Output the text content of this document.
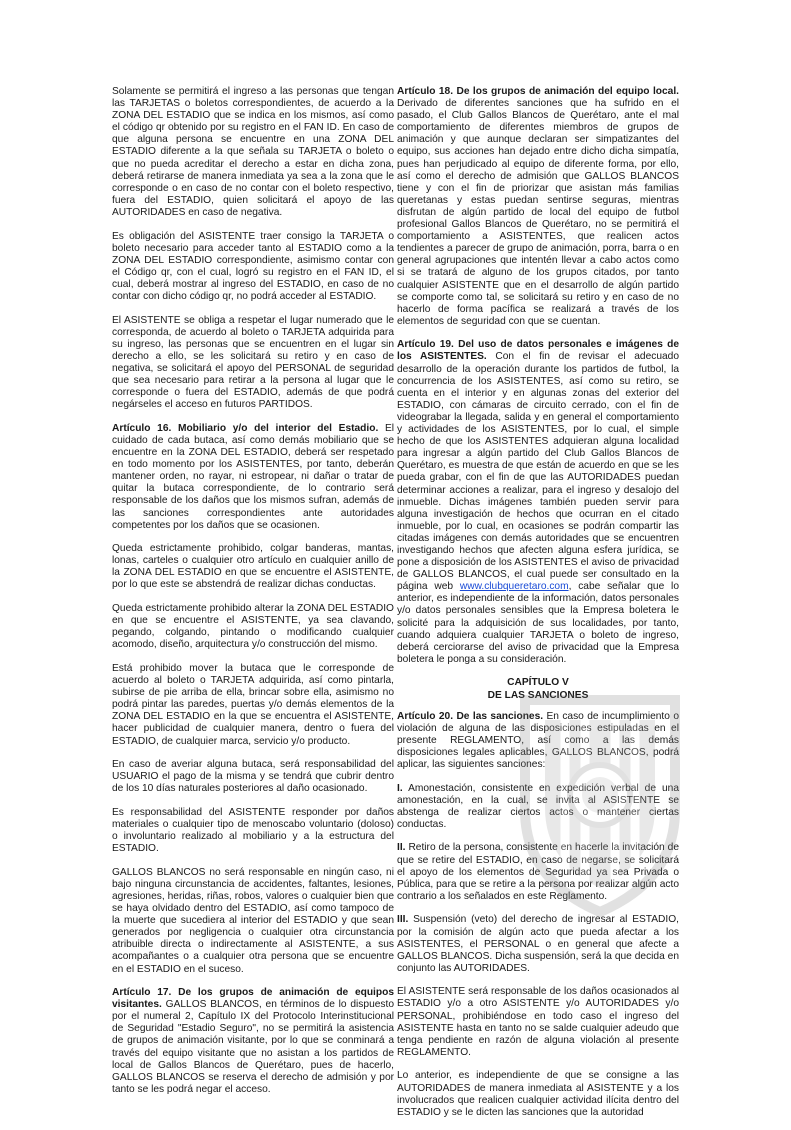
Solamente se permitirá el ingreso a las personas que tengan las TARJETAS o boletos correspondientes, de acuerdo a la ZONA DEL ESTADIO que se indica en los mismos, así como el código qr obtenido por su registro en el FAN ID. En caso de que alguna persona se encuentre en una ZONA DEL ESTADIO diferente a la que señala su TARJETA o boleto o que no pueda acreditar el derecho a estar en dicha zona, deberá retirarse de manera inmediata ya sea a la zona que le corresponde o en caso de no contar con el boleto respectivo, fuera del ESTADIO, quien solicitará el apoyo de las AUTORIDADES en caso de negativa.

Es obligación del ASISTENTE traer consigo la TARJETA o boleto necesario para acceder tanto al ESTADIO como a la ZONA DEL ESTADIO correspondiente, asimismo contar con el Código qr, con el cual, logró su registro en el FAN ID, el cual, deberá mostrar al ingreso del ESTADIO, en caso de no contar con dicho código qr, no podrá acceder al ESTADIO.

El ASISTENTE se obliga a respetar el lugar numerado que le corresponda, de acuerdo al boleto o TARJETA adquirida para su ingreso, las personas que se encuentren en el lugar sin derecho a ello, se les solicitará su retiro y en caso de negativa, se solicitará el apoyo del PERSONAL de seguridad que sea necesario para retirar a la persona al lugar que le corresponde o fuera del ESTADIO, además de que podrá negárseles el acceso en futuros PARTIDOS.

Artículo 16. Mobiliario y/o del interior del Estadio. El cuidado de cada butaca, así como demás mobiliario que se encuentre en la ZONA DEL ESTADIO, deberá ser respetado en todo momento por los ASISTENTES, por tanto, deberán mantener orden, no rayar, ni estropear, ni dañar o tratar de quitar la butaca correspondiente, de lo contrario será responsable de los daños que los mismos sufran, además de las sanciones correspondientes ante autoridades competentes por los daños que se ocasionen.

Queda estrictamente prohibido, colgar banderas, mantas, lonas, carteles o cualquier otro artículo en cualquier anillo de la ZONA DEL ESTADIO en que se encuentre el ASISTENTE, por lo que este se abstendrá de realizar dichas conductas.

Queda estrictamente prohibido alterar la ZONA DEL ESTADIO en que se encuentre el ASISTENTE, ya sea clavando, pegando, colgando, pintando o modificando cualquier acomodo, diseño, arquitectura y/o construcción del mismo.

Está prohibido mover la butaca que le corresponde de acuerdo al boleto o TARJETA adquirida, así como pintarla, subirse de pie arriba de ella, brincar sobre ella, asimismo no podrá pintar las paredes, puertas y/o demás elementos de la ZONA DEL ESTADIO en la que se encuentra el ASISTENTE, hacer publicidad de cualquier manera, dentro o fuera del ESTADIO, de cualquier marca, servicio y/o producto.

En caso de averiar alguna butaca, será responsabilidad del USUARIO el pago de la misma y se tendrá que cubrir dentro de los 10 días naturales posteriores al daño ocasionado.

Es responsabilidad del ASISTENTE responder por daños materiales o cualquier tipo de menoscabo voluntario (doloso) o involuntario realizado al mobiliario y a la estructura del ESTADIO.

GALLOS BLANCOS no será responsable en ningún caso, ni bajo ninguna circunstancia de accidentes, faltantes, lesiones, agresiones, heridas, riñas, robos, valores o cualquier bien que se haya olvidado dentro del ESTADIO, así como tampoco de la muerte que sucediera al interior del ESTADIO y que sean generados por negligencia o cualquier otra circunstancia atribuible directa o indirectamente al ASISTENTE, a sus acompañantes o a cualquier otra persona que se encuentre en el ESTADIO en el suceso.

Artículo 17. De los grupos de animación de equipos visitantes. GALLOS BLANCOS, en términos de lo dispuesto por el numeral 2, Capítulo IX del Protocolo Interinstitucional de Seguridad "Estadio Seguro", no se permitirá la asistencia de grupos de animación visitante, por lo que se conminará a través del equipo visitante que no asistan a los partidos de local de Gallos Blancos de Querétaro, pues de hacerlo, GALLOS BLANCOS se reserva el derecho de admisión y por tanto se les podrá negar el acceso.

Artículo 18. De los grupos de animación del equipo local. Derivado de diferentes sanciones que ha sufrido en el pasado, el Club Gallos Blancos de Querétaro, ante el mal comportamiento de diferentes miembros de grupos de animación y que aunque declaran ser simpatizantes del equipo, sus acciones han dejado entre dicho dicha simpatía, pues han perjudicado al equipo de diferente forma, por ello, así como el derecho de admisión que GALLOS BLANCOS tiene y con el fin de priorizar que asistan más familias queretanas y estas puedan sentirse seguras, mientras disfrutan de algún partido de local del equipo de futbol profesional Gallos Blancos de Querétaro, no se permitirá el comportamiento a ASISTENTES, que realicen actos tendientes a parecer de grupo de animación, porra, barra o en general agrupaciones que intentén llevar a cabo actos como si se tratará de alguno de los grupos citados, por tanto cualquier ASISTENTE que en el desarrollo de algún partido se comporte como tal, se solicitará su retiro y en caso de no hacerlo de forma pacífica se realizará a través de los elementos de seguridad con que se cuentan.

Artículo 19. Del uso de datos personales e imágenes de los ASISTENTES. Con el fin de revisar el adecuado desarrollo de la operación durante los partidos de futbol, la concurrencia de los ASISTENTES, así como su retiro, se cuenta en el interior y en algunas zonas del exterior del ESTADIO, con cámaras de circuito cerrado, con el fin de videograbar la llegada, salida y en general el comportamiento y actividades de los ASISTENTES, por lo cual, el simple hecho de que los ASISTENTES adquieran alguna localidad para ingresar a algún partido del Club Gallos Blancos de Querétaro, es muestra de que están de acuerdo en que se les pueda grabar, con el fin de que las AUTORIDADES puedan determinar acciones a realizar, para el ingreso y desalojo del inmueble. Dichas imágenes también pueden servir para alguna investigación de hechos que ocurran en el citado inmueble, por lo cual, en ocasiones se podrán compartir las citadas imágenes con demás autoridades que se encuentren investigando hechos que afecten alguna esfera jurídica, se pone a disposición de los ASISTENTES el aviso de privacidad de GALLOS BLANCOS, el cual puede ser consultado en la página web www.clubqueretaro.com, cabe señalar que lo anterior, es independiente de la información, datos personales y/o datos personales sensibles que la Empresa boletera le solicité para la adquisición de sus localidades, por tanto, cuando adquiera cualquier TARJETA o boleto de ingreso, deberá cerciorarse del aviso de privacidad que la Empresa boletera le ponga a su consideración.

CAPÍTULO V
DE LAS SANCIONES

Artículo 20. De las sanciones. En caso de incumplimiento o violación de alguna de las disposiciones estipuladas en el presente REGLAMENTO, así como a las demás disposiciones legales aplicables, GALLOS BLANCOS, podrá aplicar, las siguientes sanciones:

I. Amonestación, consistente en expedición verbal de una amonestación, en la cual, se invita al ASISTENTE se abstenga de realizar ciertos actos o mantener ciertas conductas.

II. Retiro de la persona, consistente en hacerle la invitación de que se retire del ESTADIO, en caso de negarse, se solicitará el apoyo de los elementos de Seguridad ya sea Privada o Pública, para que se retire a la persona por realizar algún acto contrario a los señalados en este Reglamento.

III. Suspensión (veto) del derecho de ingresar al ESTADIO, por la comisión de algún acto que pueda afectar a los ASISTENTES, el PERSONAL o en general que afecte a GALLOS BLANCOS. Dicha suspensión, será la que decida en conjunto las AUTORIDADES.

El ASISTENTE será responsable de los daños ocasionados al ESTADIO y/o a otro ASISTENTE y/o AUTORIDADES y/o PERSONAL, prohibiéndose en todo caso el ingreso del ASISTENTE hasta en tanto no se salde cualquier adeudo que tenga pendiente en razón de alguna violación al presente REGLAMENTO.

Lo anterior, es independiente de que se consigne a las AUTORIDADES de manera inmediata al ASISTENTE y a los involucrados que realicen cualquier actividad ilícita dentro del ESTADIO y se le dicten las sanciones que la autoridad
